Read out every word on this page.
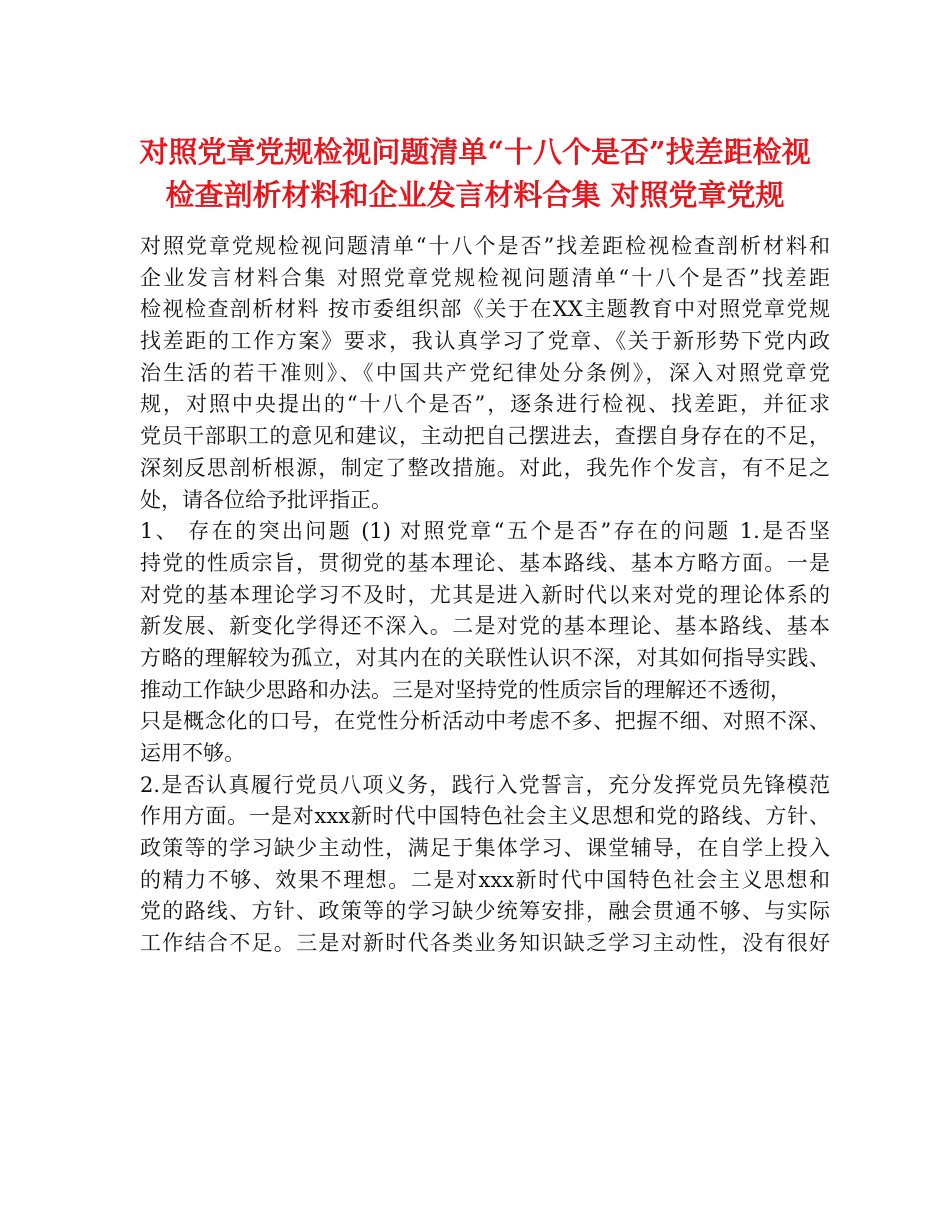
对照党章党规检视问题清单“十八个是否”找差距检视
检查剖析材料和企业发言材料合集 对照党章党规
对照党章党规检视问题清单“十八个是否”找差距检视检查剖析材料和
企业发言材料合集 对照党章党规检视问题清单“十八个是否”找差距
检视检查剖析材料 按市委组织部《关于在XX主题教育中对照党章党规
找差距的工作方案》要求，我认真学习了党章、《关于新形势下党内政
治生活的若干准则》、《中国共产党纪律处分条例》，深入对照党章党
规，对照中央提出的“十八个是否”，逐条进行检视、找差距，并征求
党员干部职工的意见和建议，主动把自己摆进去，查摆自身存在的不足，
深刻反思剖析根源，制定了整改措施。对此，我先作个发言，有不足之
处，请各位给予批评指正。
1、 存在的突出问题 (1) 对照党章“五个是否”存在的问题 1.是否坚
持党的性质宗旨，贯彻党的基本理论、基本路线、基本方略方面。一是
对党的基本理论学习不及时，尤其是进入新时代以来对党的理论体系的
新发展、新变化学得还不深入。二是对党的基本理论、基本路线、基本
方略的理解较为孤立，对其内在的关联性认识不深，对其如何指导实践、
推动工作缺少思路和办法。三是对坚持党的性质宗旨的理解还不透彻，
只是概念化的口号，在党性分析活动中考虑不多、把握不细、对照不深、
运用不够。
2.是否认真履行党员八项义务，践行入党誓言，充分发挥党员先锋模范
作用方面。一是对xxx新时代中国特色社会主义思想和党的路线、方针、
政策等的学习缺少主动性，满足于集体学习、课堂辅导，在自学上投入
的精力不够、效果不理想。二是对xxx新时代中国特色社会主义思想和
党的路线、方针、政策等的学习缺少统筹安排，融会贯通不够、与实际
工作结合不足。三是对新时代各类业务知识缺乏学习主动性，没有很好
